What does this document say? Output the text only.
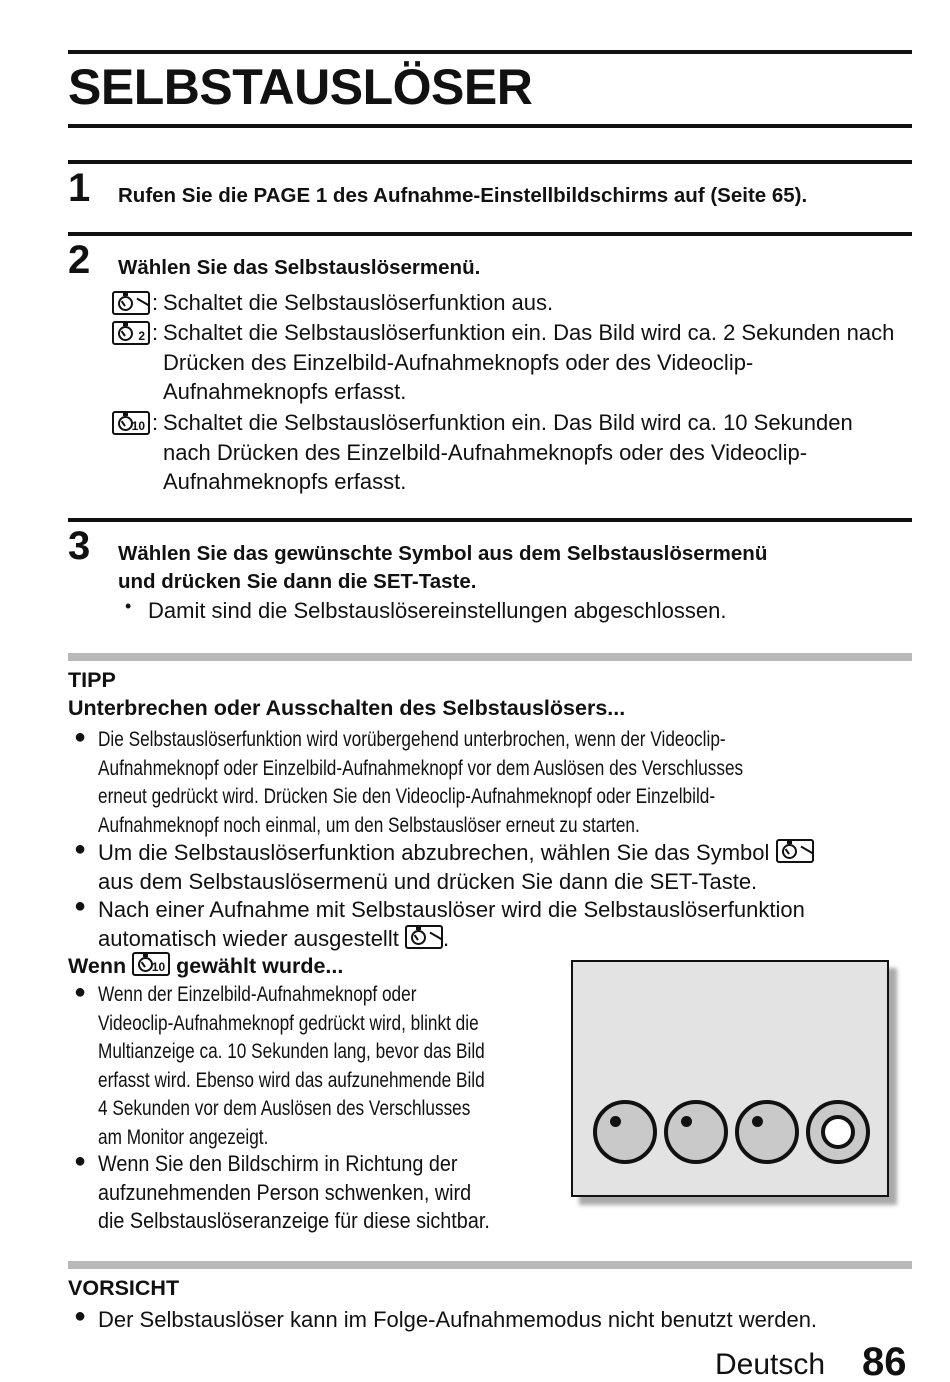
SELBSTAUSLÖSER
1 Rufen Sie die PAGE 1 des Aufnahme-Einstellbildschirms auf (Seite 65).
2 Wählen Sie das Selbstauslösermenü.
: Schaltet die Selbstauslöserfunktion aus.
2 : Schaltet die Selbstauslöserfunktion ein. Das Bild wird ca. 2 Sekunden nach Drücken des Einzelbild-Aufnahmeknopfs oder des Videoclip-Aufnahmeknopfs erfasst.
10 : Schaltet die Selbstauslöserfunktion ein. Das Bild wird ca. 10 Sekunden nach Drücken des Einzelbild-Aufnahmeknopfs oder des Videoclip-Aufnahmeknopfs erfasst.
3 Wählen Sie das gewünschte Symbol aus dem Selbstauslösermenü
und drücken Sie dann die SET-Taste.
• Damit sind die Selbstauslösereinstellungen abgeschlossen.
TIPP
Unterbrechen oder Ausschalten des Selbstauslösers...
● Die Selbstauslöserfunktion wird vorübergehend unterbrochen, wenn der Videoclip-
Aufnahmeknopf oder Einzelbild-Aufnahmeknopf vor dem Auslösen des Verschlusses
erneut gedrückt wird. Drücken Sie den Videoclip-Aufnahmeknopf oder Einzelbild-
Aufnahmeknopf noch einmal, um den Selbstauslöser erneut zu starten.
● Um die Selbstauslöserfunktion abzubrechen, wählen Sie das Symbol
aus dem Selbstauslösermenü und drücken Sie dann die SET-Taste.
● Nach einer Aufnahme mit Selbstauslöser wird die Selbstauslöserfunktion
automatisch wieder ausgestellt .
Wenn 10 gewählt wurde...
● Wenn der Einzelbild-Aufnahmeknopf oder
Videoclip-Aufnahmeknopf gedrückt wird, blinkt die
Multianzeige ca. 10 Sekunden lang, bevor das Bild
erfasst wird. Ebenso wird das aufzunehmende Bild
4 Sekunden vor dem Auslösen des Verschlusses
am Monitor angezeigt.
● Wenn Sie den Bildschirm in Richtung der
aufzunehmenden Person schwenken, wird
die Selbstauslöseranzeige für diese sichtbar.
VORSICHT
● Der Selbstauslöser kann im Folge-Aufnahmemodus nicht benutzt werden.
Deutsch 86
